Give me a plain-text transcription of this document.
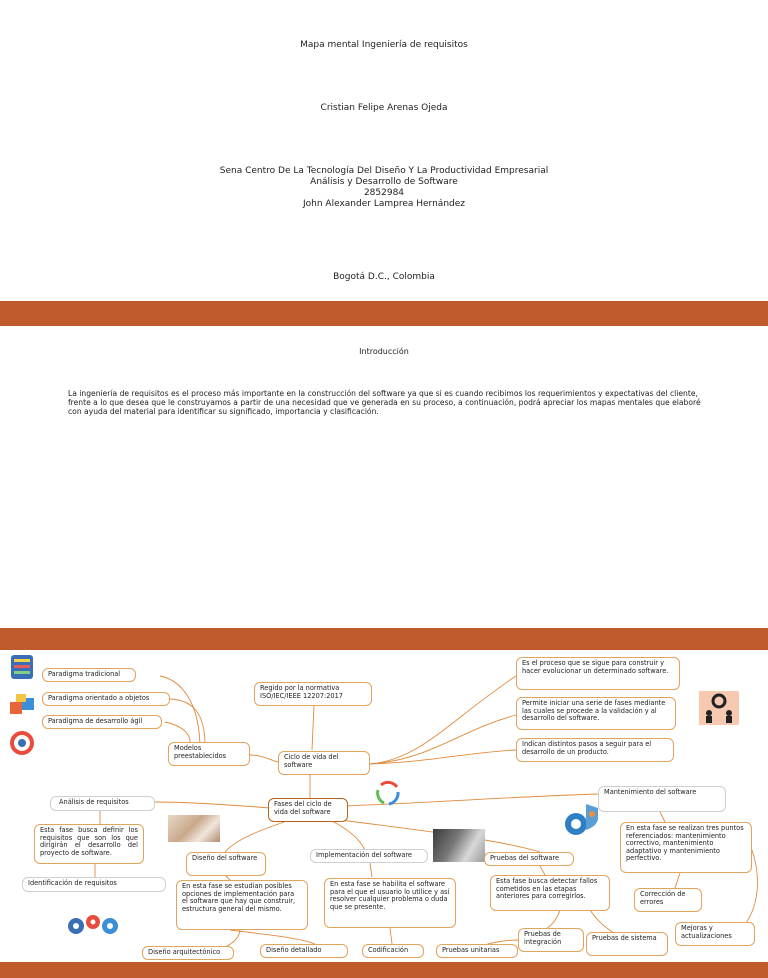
Mapa mental Ingeniería de requisitos
Cristian Felipe Arenas Ojeda
Sena Centro De La Tecnología Del Diseño Y La Productividad Empresarial
Análisis y Desarrollo de Software
2852984
John Alexander Lamprea Hernández
Bogotá D.C., Colombia
Introducción
La ingeniería de requisitos es el proceso más importante en la construcción del software ya que si es cuando recibimos los requerimientos y expectativas del cliente, frente a lo que desea que le construyamos a partir de una necesidad que ve generada en su proceso, a continuación, podrá apreciar los mapas mentales que elaboré con ayuda del material para identificar su significado, importancia y clasificación.
Paradigma tradicional
Paradigma orientado a objetos
Paradigma de desarrollo ágil
Modelos preestablecidos
Regido por la normativa ISO/IEC/IEEE 12207:2017
Ciclo de vida del software
Es el proceso que se sigue para construir y hacer evolucionar un determinado software.
Permite iniciar una serie de fases mediante las cuales se procede a la validación y al desarrollo del software.
Indican distintos pasos a seguir para el desarrollo de un producto.
Análisis de requisitos
Esta fase busca definir los requisitos que son los que dirigirán el desarrollo del proyecto de software.
Identificación de requisitos
Fases del ciclo de vida del software
Mantenimiento del software
En esta fase se realizan tres puntos referenciados: mantenimiento correctivo, mantenimiento adaptativo y mantenimiento perfectivo.
Corrección de errores
Mejoras y actualizaciones
Diseño del software
En esta fase se estudian posibles opciones de implementación para el software que hay que construir, estructura general del mismo.
Diseño arquitectónico	Diseño detallado
Implementación del software
En esta fase se habilita el software para el que el usuario lo utilice y así resolver cualquier problema o duda que se presente.
Codificación
Pruebas del software
Esta fase busca detectar fallos cometidos en las etapas anteriores para corregirlos.
Pruebas unitarias
Pruebas de integración	Pruebas de sistema
